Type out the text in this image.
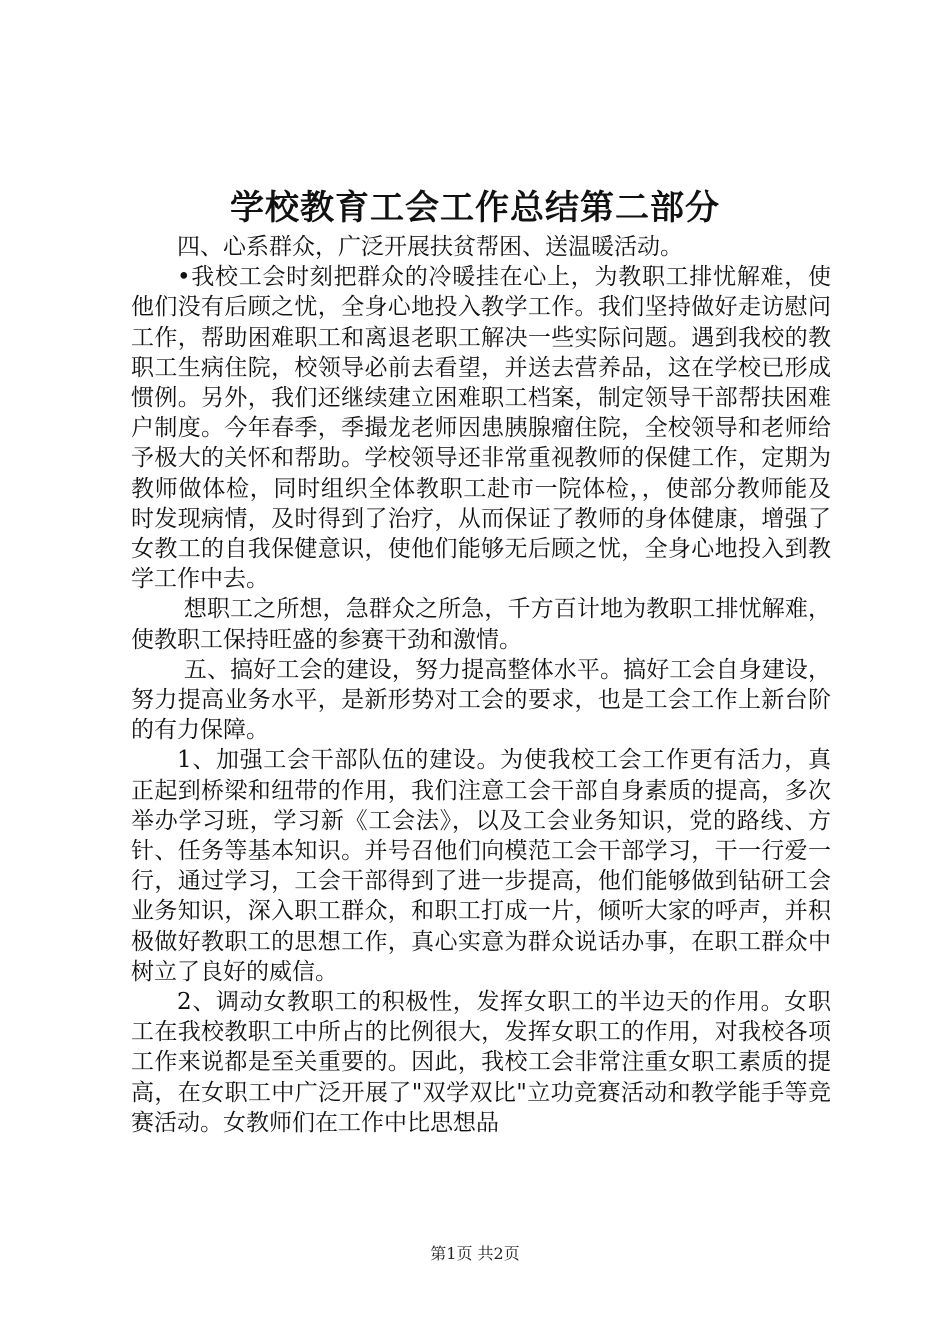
学校教育工会工作总结第二部分

四、心系群众，广泛开展扶贫帮困、送温暖活动。

•我校工会时刻把群众的冷暖挂在心上，为教职工排忧解难，使他们没有后顾之忧，全身心地投入教学工作。我们坚持做好走访慰问工作，帮助困难职工和离退老职工解决一些实际问题。遇到我校的教职工生病住院，校领导必前去看望，并送去营养品，这在学校已形成惯例。另外，我们还继续建立困难职工档案，制定领导干部帮扶困难户制度。今年春季，季撮龙老师因患胰腺瘤住院，全校领导和老师给予极大的关怀和帮助。学校领导还非常重视教师的保健工作，定期为教师做体检，同时组织全体教职工赴市一院体检，，使部分教师能及时发现病情，及时得到了治疗，从而保证了教师的身体健康，增强了女教工的自我保健意识，使他们能够无后顾之忧，全身心地投入到教学工作中去。

想职工之所想，急群众之所急，千方百计地为教职工排忧解难，使教职工保持旺盛的参赛干劲和激情。

五、搞好工会的建设，努力提高整体水平。搞好工会自身建设，努力提高业务水平，是新形势对工会的要求，也是工会工作上新台阶的有力保障。

1、加强工会干部队伍的建设。为使我校工会工作更有活力，真正起到桥梁和纽带的作用，我们注意工会干部自身素质的提高，多次举办学习班，学习新《工会法》，以及工会业务知识，党的路线、方针、任务等基本知识。并号召他们向模范工会干部学习，干一行爱一行，通过学习，工会干部得到了进一步提高，他们能够做到钻研工会业务知识，深入职工群众，和职工打成一片，倾听大家的呼声，并积极做好教职工的思想工作，真心实意为群众说话办事，在职工群众中树立了良好的威信。

2、调动女教职工的积极性，发挥女职工的半边天的作用。女职工在我校教职工中所占的比例很大，发挥女职工的作用，对我校各项工作来说都是至关重要的。因此，我校工会非常注重女职工素质的提高，在女职工中广泛开展了"双学双比"立功竞赛活动和教学能手等竞赛活动。女教师们在工作中比思想品

第1页 共2页
